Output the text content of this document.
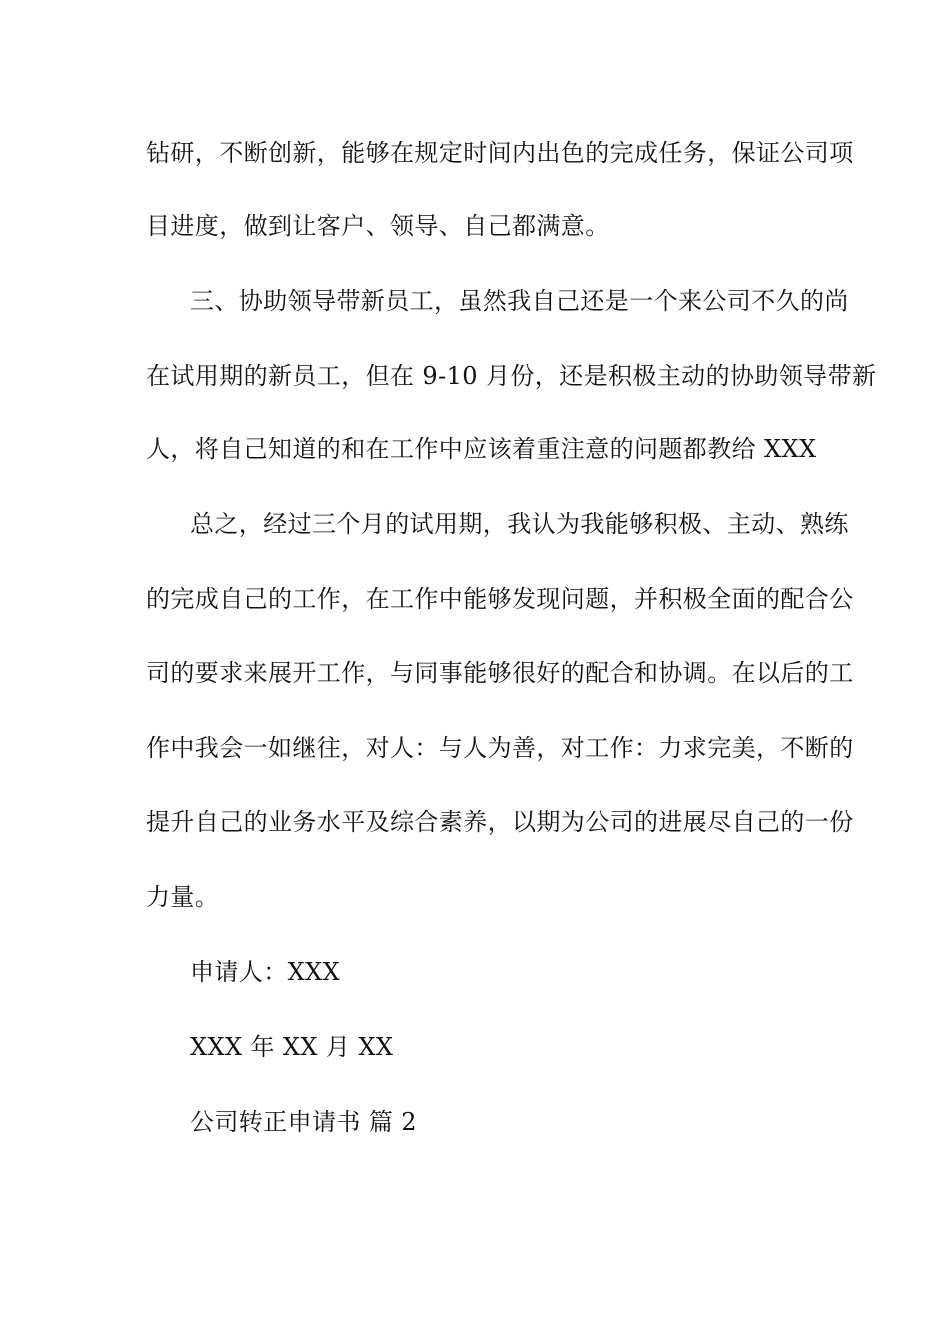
钻研，不断创新，能够在规定时间内出色的完成任务，保证公司项
目进度，做到让客户、领导、自己都满意。
三、协助领导带新员工，虽然我自己还是一个来公司不久的尚
在试用期的新员工，但在 9-10 月份，还是积极主动的协助领导带新
人，将自己知道的和在工作中应该着重注意的问题都教给 XXX
总之，经过三个月的试用期，我认为我能够积极、主动、熟练
的完成自己的工作，在工作中能够发现问题，并积极全面的配合公
司的要求来展开工作，与同事能够很好的配合和协调。在以后的工
作中我会一如继往，对人：与人为善，对工作：力求完美，不断的
提升自己的业务水平及综合素养，以期为公司的进展尽自己的一份
力量。
申请人：XXX
XXX 年 XX 月 XX
公司转正申请书 篇 2
